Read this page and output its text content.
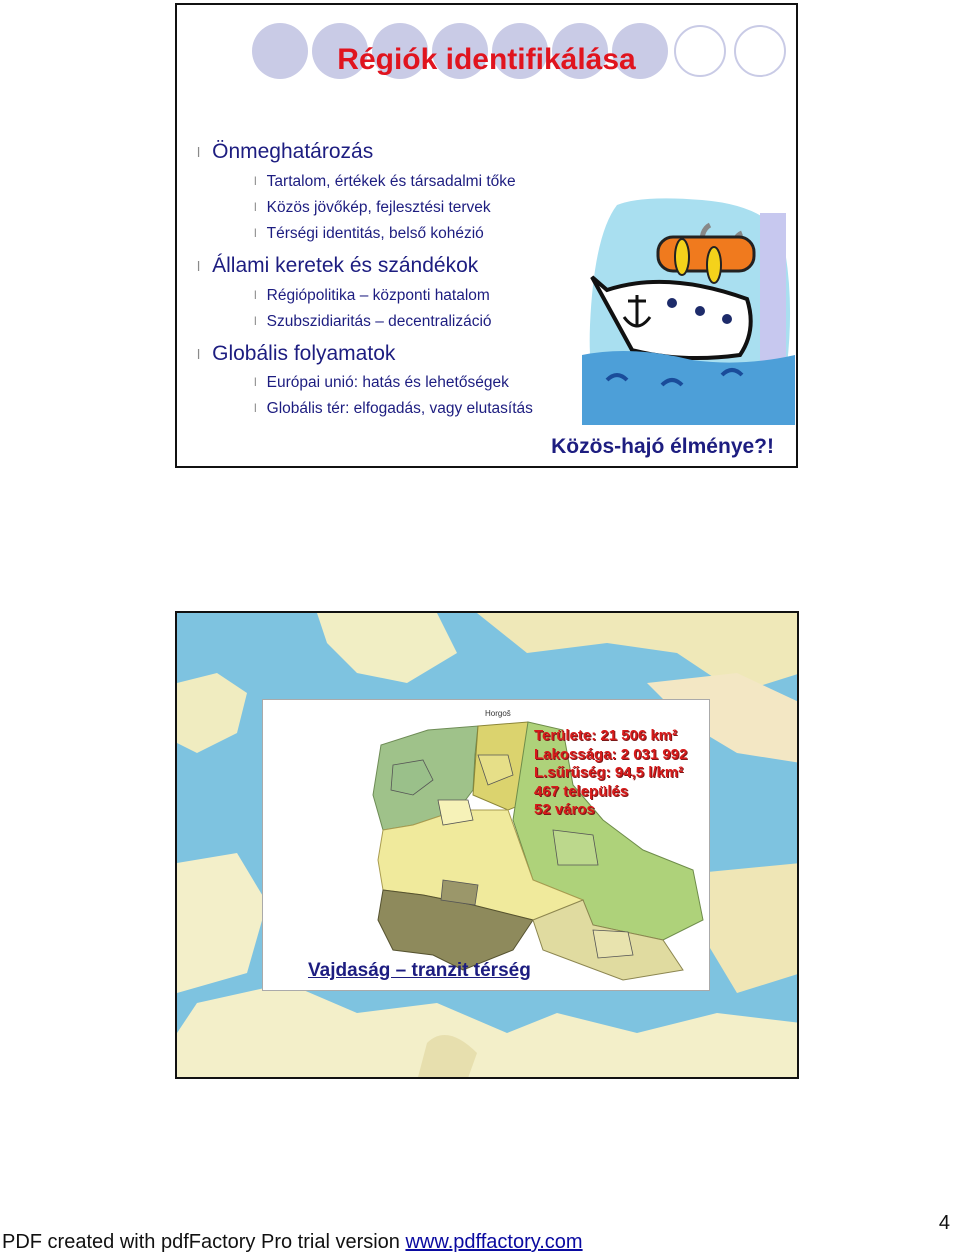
Régiók identifikálása
l Önmeghatározás
l Tartalom, értékek és társadalmi tőke
l Közös jövőkép, fejlesztési tervek
l Térségi identitás, belső kohézió
l Állami keretek és szándékok
l Régiópolitika – központi hatalom
l Szubszidiaritás – decentralizáció
l Globális folyamatok
l Európai unió: hatás és lehetőségek
l Globális tér: elfogadás, vagy elutasítás
Közös-hajó élménye?!
Horgoš
Területe: 21 506 km²
Lakossága: 2 031 992
L.sűrűség: 94,5 l/km²
467 település
52 város
Vajdaság – tranzit térség
PDF created with pdfFactory Pro trial version www.pdffactory.com
4
